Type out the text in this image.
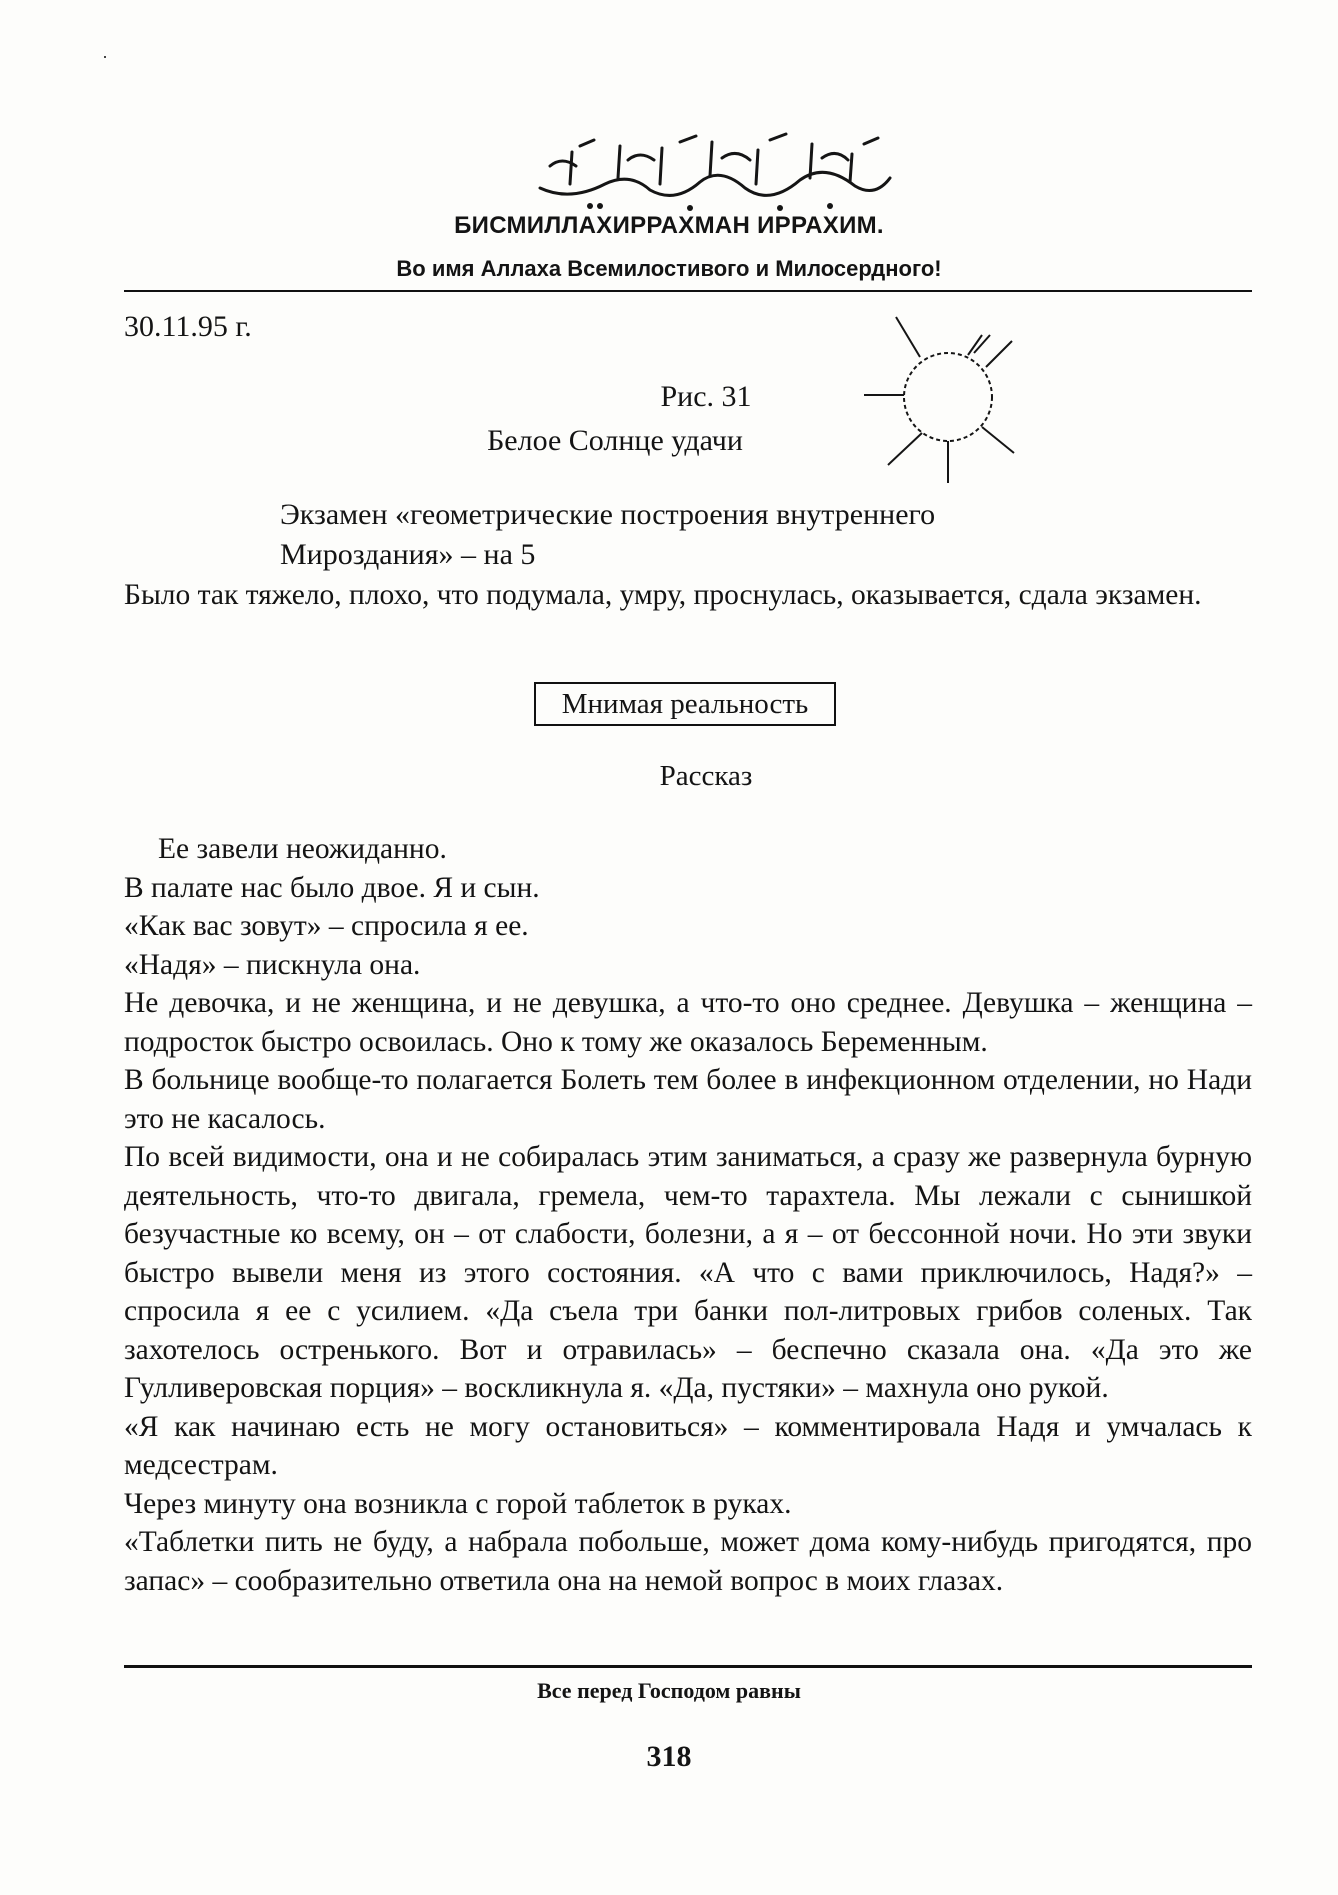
БИСМИЛЛАХИРРАХМАН ИРРАХИМ.
Во имя Аллаха Всемилостивого и Милосердного!
30.11.95 г.
Рис. 31
Белое Солнце удачи
Экзамен «геометрические построения внутреннего
Мироздания» – на 5

Было так тяжело, плохо, что подумала, умру, проснулась, оказывается, сдала экзамен.

Мнимая реальность
Рассказ

Ее завели неожиданно.

В палате нас было двое. Я и сын.

«Как вас зовут» – спросила я ее.

«Надя» – пискнула она.

Не девочка, и не женщина, и не девушка, а что-то оно среднее. Девушка – женщина – подросток быстро освоилась. Оно к тому же оказалось Беременным.

В больнице вообще-то полагается Болеть тем более в инфекционном отделении, но Нади это не касалось.

По всей видимости, она и не собиралась этим заниматься, а сразу же развернула бурную деятельность, что-то двигала, гремела, чем-то тарахтела. Мы лежали с сынишкой безучастные ко всему, он – от слабости, болезни, а я – от бессонной ночи. Но эти звуки быстро вывели меня из этого состояния. «А что с вами приключилось, Надя?» – спросила я ее с усилием. «Да съела три банки пол-литровых грибов соленых. Так захотелось остренького. Вот и отравилась» – беспечно сказала она. «Да это же Гулливеровская порция» – воскликнула я. «Да, пустяки» – махнула оно рукой.

«Я как начинаю есть не могу остановиться» – комментировала Надя и умчалась к медсестрам.

Через минуту она возникла с горой таблеток в руках.

«Таблетки пить не буду, а набрала побольше, может дома кому-нибудь пригодятся, про запас» – сообразительно ответила она на немой вопрос в моих глазах.

Все перед Господом равны
318
